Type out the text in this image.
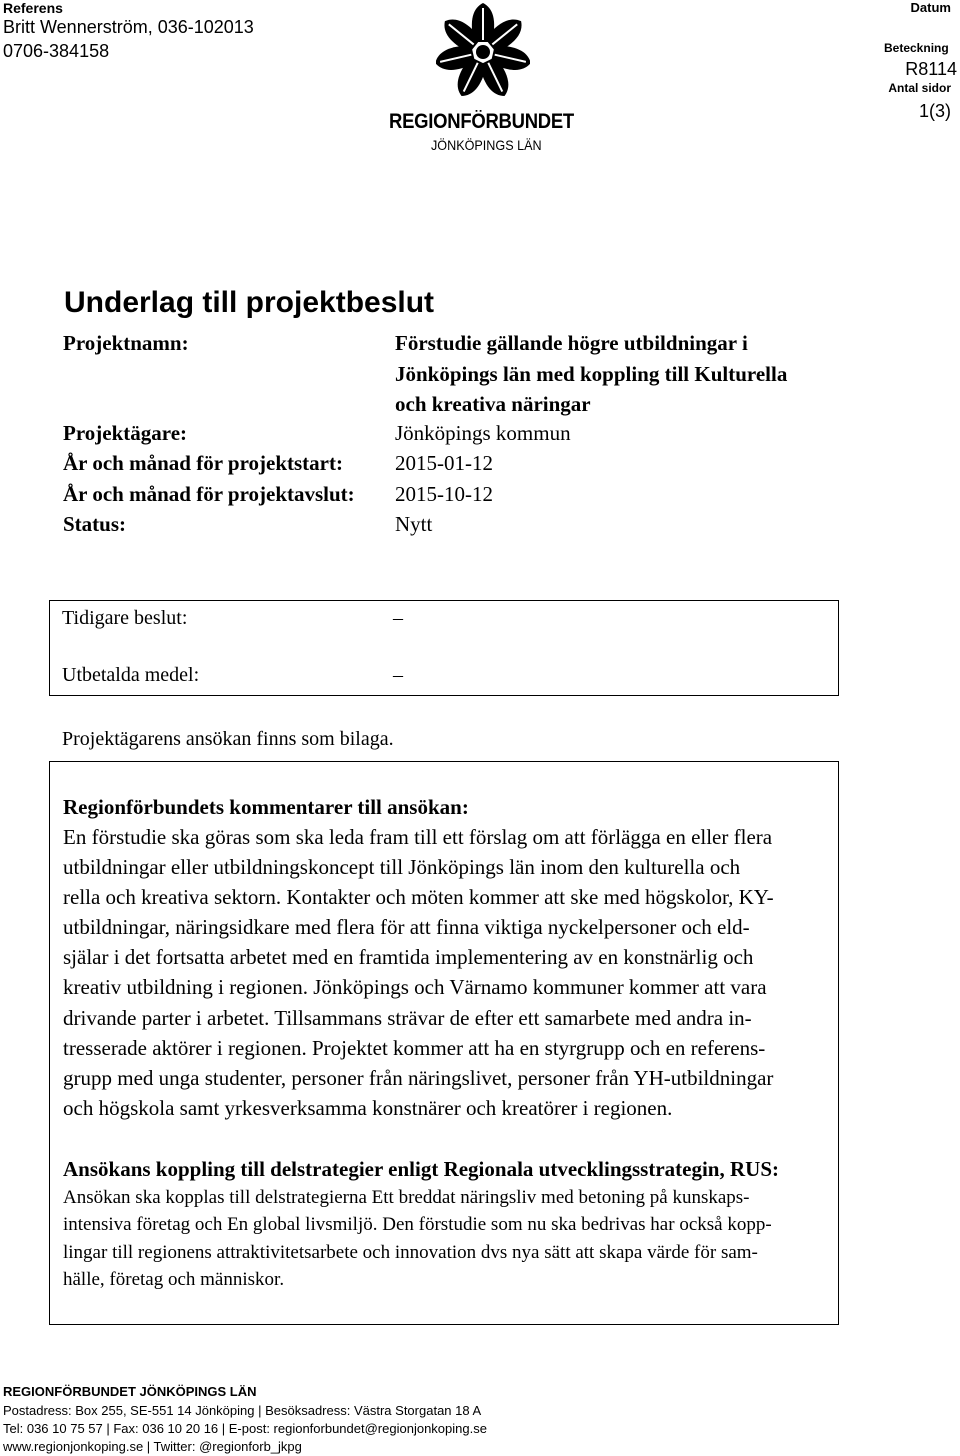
Referens
Britt Wennerström, 036-102013
0706-384158
REGIONFÖRBUNDET
JÖNKÖPINGS LÄN
Datum
Beteckning
R8114
Antal sidor
1(3)
Underlag till projektbeslut
Projektnamn:	Förstudie gällande högre utbildningar i
Jönköpings län med koppling till Kulturella
och kreativa näringar
Projektägare:	Jönköpings kommun
År och månad för projektstart: 2015-01-12
År och månad för projektavslut: 2015-10-12
Status:	Nytt
Tidigare beslut:	–
Utbetalda medel:	–
Projektägarens ansökan finns som bilaga.
Regionförbundets kommentarer till ansökan:
En förstudie ska göras som ska leda fram till ett förslag om att förlägga en eller flera
utbildningar eller utbildningskoncept till Jönköpings län inom den kulturella och
rella och kreativa sektorn. Kontakter och möten kommer att ske med högskolor, KY-
utbildningar, näringsidkare med flera för att finna viktiga nyckelpersoner och eld-
själar i det fortsatta arbetet med en framtida implementering av en konstnärlig och
kreativ utbildning i regionen. Jönköpings och Värnamo kommuner kommer att vara
drivande parter i arbetet. Tillsammans strävar de efter ett samarbete med andra in-
tresserade aktörer i regionen. Projektet kommer att ha en styrgrupp och en referens-
grupp med unga studenter, personer från näringslivet, personer från YH-utbildningar
och högskola samt yrkesverksamma konstnärer och kreatörer i regionen.
Ansökans koppling till delstrategier enligt Regionala utvecklingsstrategin, RUS:
Ansökan ska kopplas till delstrategierna Ett breddat näringsliv med betoning på kunskaps-
intensiva företag och En global livsmiljö. Den förstudie som nu ska bedrivas har också kopp-
lingar till regionens attraktivitetsarbete och innovation dvs nya sätt att skapa värde för sam-
hälle, företag och människor.
REGIONFÖRBUNDET JÖNKÖPINGS LÄN
Postadress: Box 255, SE-551 14 Jönköping | Besöksadress: Västra Storgatan 18 A
Tel: 036 10 75 57 | Fax: 036 10 20 16 | E-post: regionforbundet@regionjonkoping.se
www.regionjonkoping.se | Twitter: @regionforb_jkpg
